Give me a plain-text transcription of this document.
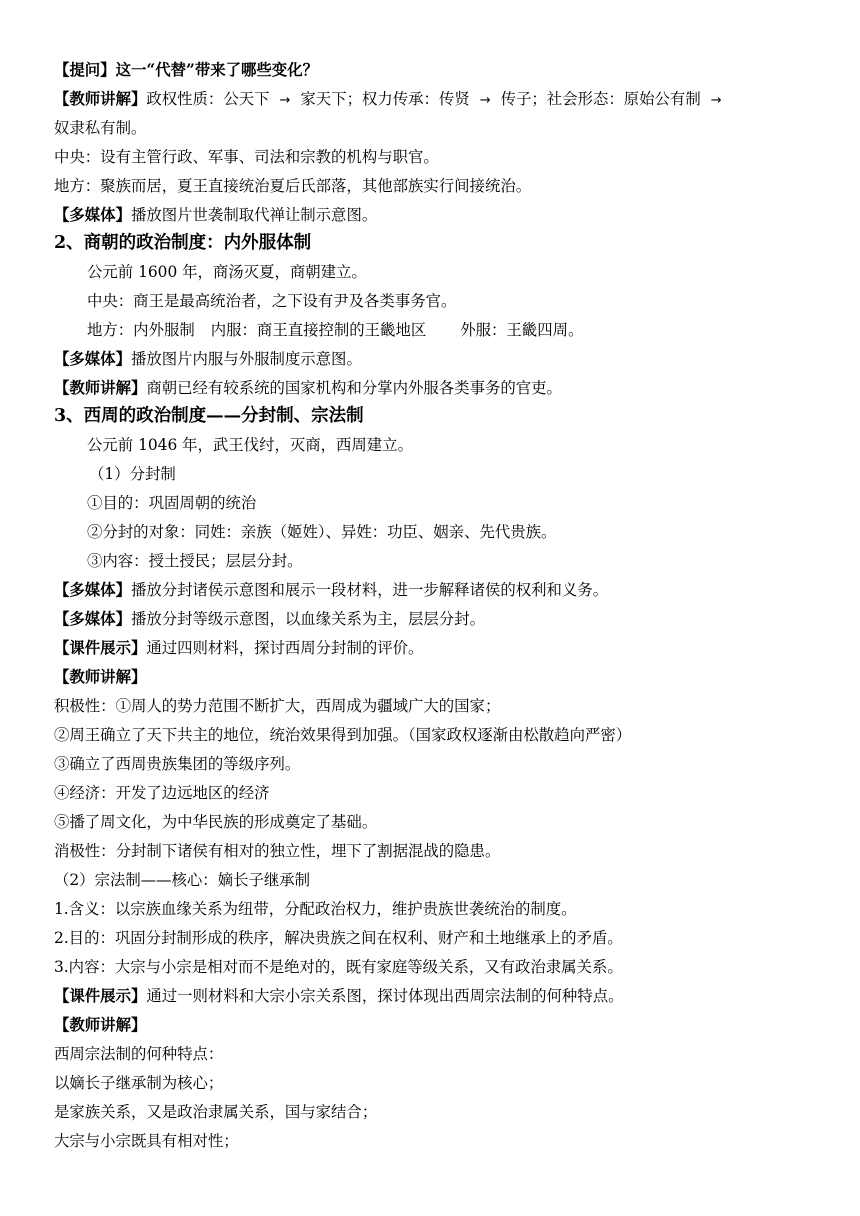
【提问】这一“代替”带来了哪些变化？
【教师讲解】政权性质：公天下 → 家天下；权力传承：传贤 → 传子；社会形态：原始公有制 →
奴隶私有制。
中央：设有主管行政、军事、司法和宗教的机构与职官。
地方：聚族而居，夏王直接统治夏后氏部落，其他部族实行间接统治。
【多媒体】播放图片世袭制取代禅让制示意图。
2、商朝的政治制度：内外服体制
公元前 1600 年，商汤灭夏，商朝建立。
中央：商王是最高统治者，之下设有尹及各类事务官。
地方：内外服制 内服：商王直接控制的王畿地区 外服：王畿四周。
【多媒体】播放图片内服与外服制度示意图。
【教师讲解】商朝已经有较系统的国家机构和分掌内外服各类事务的官吏。
3、西周的政治制度——分封制、宗法制
公元前 1046 年，武王伐纣，灭商，西周建立。
（1）分封制
①目的：巩固周朝的统治
②分封的对象：同姓：亲族（姬姓）、异姓：功臣、姻亲、先代贵族。
③内容：授土授民；层层分封。
【多媒体】播放分封诸侯示意图和展示一段材料，进一步解释诸侯的权利和义务。
【多媒体】播放分封等级示意图，以血缘关系为主，层层分封。
【课件展示】通过四则材料，探讨西周分封制的评价。
【教师讲解】
积极性：①周人的势力范围不断扩大，西周成为疆域广大的国家；
②周王确立了天下共主的地位，统治效果得到加强。（国家政权逐渐由松散趋向严密）
③确立了西周贵族集团的等级序列。
④经济：开发了边远地区的经济
⑤播了周文化，为中华民族的形成奠定了基础。
消极性：分封制下诸侯有相对的独立性，埋下了割据混战的隐患。
（2）宗法制——核心：嫡长子继承制
1.含义：以宗族血缘关系为纽带，分配政治权力，维护贵族世袭统治的制度。
2.目的：巩固分封制形成的秩序，解决贵族之间在权利、财产和土地继承上的矛盾。
3.内容：大宗与小宗是相对而不是绝对的，既有家庭等级关系，又有政治隶属关系。
【课件展示】通过一则材料和大宗小宗关系图，探讨体现出西周宗法制的何种特点。
【教师讲解】
西周宗法制的何种特点：
以嫡长子继承制为核心；
是家族关系，又是政治隶属关系，国与家结合；
大宗与小宗既具有相对性；
